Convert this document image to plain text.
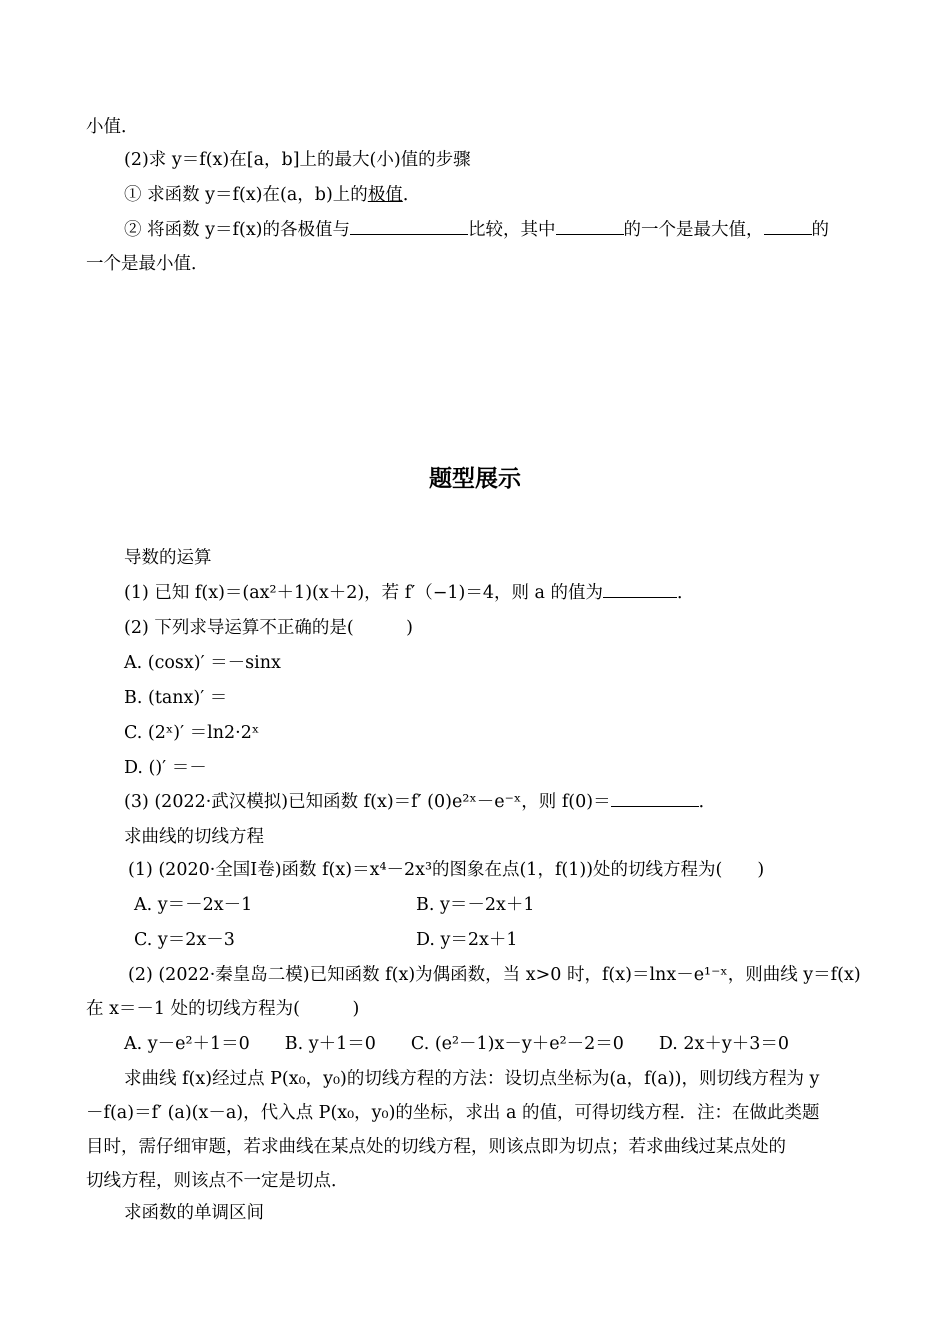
小值．
(2)求 y＝f(x)在[a，b]上的最大(小)值的步骤
① 求函数 y＝f(x)在(a，b)上的极值．
② 将函数 y＝f(x)的各极值与	比较，其中	的一个是最大值，	的
一个是最小值．
题型展示
导数的运算
(1) 已知 f(x)＝(ax²＋1)(x＋2)，若 f′（−1)＝4，则 a 的值为	．
(2) 下列求导运算不正确的是(　　　)
A. (cosx)′ ＝－sinx
B. (tanx)′ ＝
C. (2ˣ)′ ＝ln2·2ˣ
D. ()′ ＝－
(3) (2022·武汉模拟)已知函数 f(x)＝f′ (0)e²ˣ－e⁻ˣ，则 f(0)＝	．
求曲线的切线方程
(1) (2020·全国Ⅰ卷)函数 f(x)＝x⁴－2x³的图象在点(1，f(1))处的切线方程为(　　)
A. y＝－2x－1	B. y＝－2x＋1
C. y＝2x－3	D. y＝2x＋1
(2) (2022·秦皇岛二模)已知函数 f(x)为偶函数，当 x>0 时，f(x)＝lnx－e¹⁻ˣ，则曲线 y＝f(x)
在 x＝－1 处的切线方程为(　　　)
A. y－e²＋1＝0　　B. y＋1＝0　　C. (e²－1)x－y＋e²－2＝0　　D. 2x＋y＋3＝0
求曲线 f(x)经过点 P(x₀，y₀)的切线方程的方法：设切点坐标为(a，f(a))，则切线方程为 y
－f(a)＝f′ (a)(x－a)，代入点 P(x₀，y₀)的坐标，求出 a 的值，可得切线方程．注：在做此类题
目时，需仔细审题，若求曲线在某点处的切线方程，则该点即为切点；若求曲线过某点处的
切线方程，则该点不一定是切点．
求函数的单调区间
